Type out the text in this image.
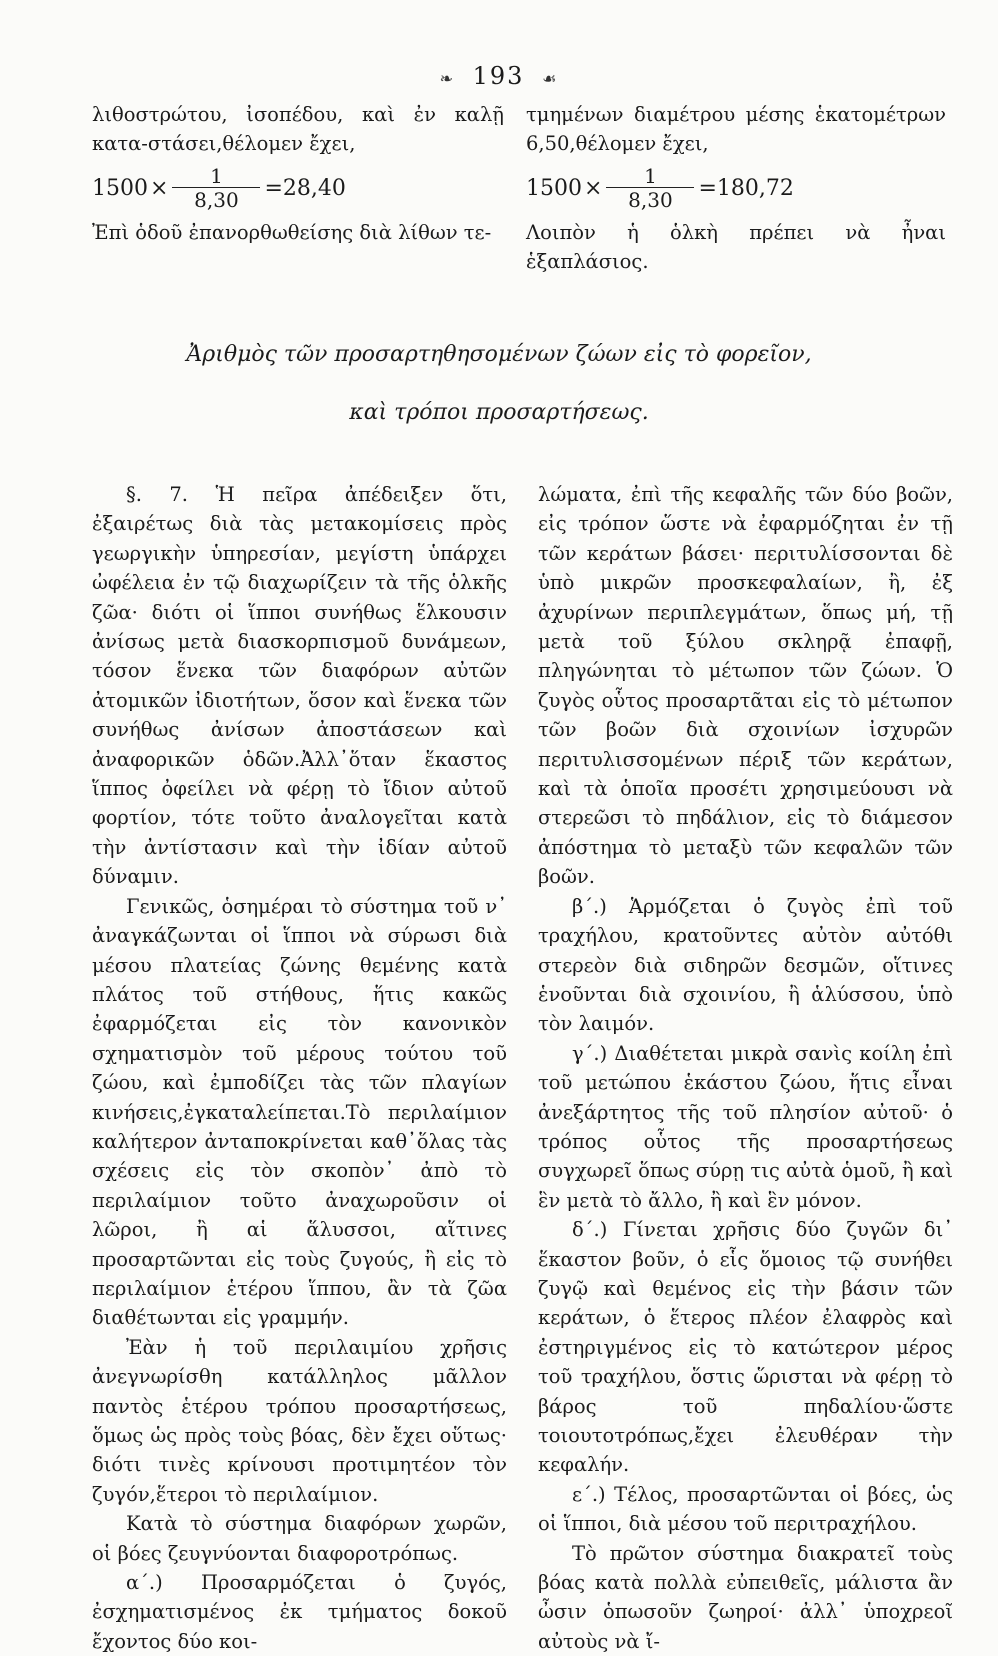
❧ 193 ☙

λιθοστρώτου, ἰσοπέδου, καὶ ἐν καλῇ κατα-στάσει,θέλομεν ἔχει,

$1500 \times \frac{1}{8,30} =28,40$

Ἐπὶ ὁδοῦ ἐπανορθωθείσης διὰ λίθων τε-

τμημένων διαμέτρου μέσης ἑκατομέτρων 6,50,θέλομεν ἔχει,

$1500 \times \frac{1}{8,30} =180,72$

Λοιπὸν ἡ ὁλκὴ πρέπει νὰ ἦναι ἑξαπλάσιος.

Ἀριθμὸς τῶν προσαρτηθησομένων ζώων εἰς τὸ φορεῖον,
καὶ τρόποι προσαρτήσεως.

§. 7. Ἡ πεῖρα ἀπέδειξεν ὅτι, ἐξαιρέτως διὰ τὰς μετακομίσεις πρὸς γεωργικὴν ὑπηρεσίαν, μεγίστη ὑπάρχει ὠφέλεια ἐν τῷ διαχωρίζειν τὰ τῆς ὁλκῆς ζῶα· διότι οἱ ἵπποι συνήθως ἕλκουσιν ἀνίσως μετὰ διασκορπισμοῦ δυνάμεων, τόσον ἕνεκα τῶν διαφόρων αὐτῶν ἀτομικῶν ἰδιοτήτων, ὅσον καὶ ἕνεκα τῶν συνήθως ἀνίσων ἀποστάσεων καὶ ἀναφορικῶν ὁδῶν.Ἀλλ᾽ὅταν ἕκαστος ἵππος ὀφείλει νὰ φέρῃ τὸ ἴδιον αὐτοῦ φορτίον, τότε τοῦτο ἀναλογεῖται κατὰ τὴν ἀντίστασιν καὶ τὴν ἰδίαν αὐτοῦ δύναμιν.

Γενικῶς, ὁσημέραι τὸ σύστημα τοῦ ν᾽ ἀναγκάζωνται οἱ ἵπποι νὰ σύρωσι διὰ μέσου πλατείας ζώνης θεμένης κατὰ πλάτος τοῦ στήθους, ἥτις κακῶς ἐφαρμόζεται εἰς τὸν κανονικὸν σχηματισμὸν τοῦ μέρους τούτου τοῦ ζώου, καὶ ἐμποδίζει τὰς τῶν πλαγίων κινήσεις,ἐγκαταλείπεται.Τὸ περιλαίμιον καλήτερον ἀνταποκρίνεται καθ᾽ὅλας τὰς σχέσεις εἰς τὸν σκοπὸν᾽ ἀπὸ τὸ περιλαίμιον τοῦτο ἀναχωροῦσιν οἱ λῶροι, ἢ αἱ ἅλυσσοι, αἵτινες προσαρτῶνται εἰς τοὺς ζυγούς, ἢ εἰς τὸ περιλαίμιον ἑτέρου ἵππου, ἂν τὰ ζῶα διαθέτωνται εἰς γραμμήν.

Ἐὰν ἡ τοῦ περιλαιμίου χρῆσις ἀνεγνωρίσθη κατάλληλος μᾶλλον παντὸς ἑτέρου τρόπου προσαρτήσεως, ὅμως ὡς πρὸς τοὺς βόας, δὲν ἔχει οὕτως· διότι τινὲς κρίνουσι προτιμητέον τὸν ζυγόν,ἕτεροι τὸ περιλαίμιον.

Κατὰ τὸ σύστημα διαφόρων χωρῶν, οἱ βόες ζευγνύονται διαφοροτρόπως.

α΄.) Προσαρμόζεται ὁ ζυγός, ἐσχηματισμένος ἐκ τμήματος δοκοῦ ἔχοντος δύο κοι-

λώματα, ἐπὶ τῆς κεφαλῆς τῶν δύο βοῶν, εἰς τρόπον ὥστε νὰ ἐφαρμόζηται ἐν τῇ τῶν κεράτων βάσει· περιτυλίσσονται δὲ ὑπὸ μικρῶν προσκεφαλαίων, ἢ, ἐξ ἀχυρίνων περιπλεγμάτων, ὅπως μή, τῇ μετὰ τοῦ ξύλου σκληρᾷ ἐπαφῇ, πληγώνηται τὸ μέτωπον τῶν ζώων. Ὁ ζυγὸς οὗτος προσαρτᾶται εἰς τὸ μέτωπον τῶν βοῶν διὰ σχοινίων ἰσχυρῶν περιτυλισσομένων πέριξ τῶν κεράτων, καὶ τὰ ὁποῖα προσέτι χρησιμεύουσι νὰ στερεῶσι τὸ πηδάλιον, εἰς τὸ διάμεσον ἀπόστημα τὸ μεταξὺ τῶν κεφαλῶν τῶν βοῶν.

β΄.) Ἁρμόζεται ὁ ζυγὸς ἐπὶ τοῦ τραχήλου, κρατοῦντες αὐτὸν αὐτόθι στερεὸν διὰ σιδηρῶν δεσμῶν, οἵτινες ἑνοῦνται διὰ σχοινίου, ἢ ἁλύσσου, ὑπὸ τὸν λαιμόν.

γ΄.) Διαθέτεται μικρὰ σανὶς κοίλη ἐπὶ τοῦ μετώπου ἑκάστου ζώου, ἥτις εἶναι ἀνεξάρτητος τῆς τοῦ πλησίον αὐτοῦ· ὁ τρόπος οὗτος τῆς προσαρτήσεως συγχωρεῖ ὅπως σύρῃ τις αὐτὰ ὁμοῦ, ἢ καὶ ἓν μετὰ τὸ ἄλλο, ἢ καὶ ἓν μόνον.

δ΄.) Γίνεται χρῆσις δύο ζυγῶν δι᾽ ἕκαστον βοῦν, ὁ εἷς ὅμοιος τῷ συνήθει ζυγῷ καὶ θεμένος εἰς τὴν βάσιν τῶν κεράτων, ὁ ἕτερος πλέον ἐλαφρὸς καὶ ἐστηριγμένος εἰς τὸ κατώτερον μέρος τοῦ τραχήλου, ὅστις ὥρισται νὰ φέρῃ τὸ βάρος τοῦ πηδαλίου·ὥστε τοιουτοτρόπως,ἔχει ἐλευθέραν τὴν κεφαλήν.

ε΄.) Τέλος, προσαρτῶνται οἱ βόες, ὡς οἱ ἵπποι, διὰ μέσου τοῦ περιτραχήλου.

Τὸ πρῶτον σύστημα διακρατεῖ τοὺς βόας κατὰ πολλὰ εὐπειθεῖς, μάλιστα ἂν ὦσιν ὁπωσοῦν ζωηροί· ἀλλ᾽ ὑποχρεοῖ αὐτοὺς νὰ ἴ-
